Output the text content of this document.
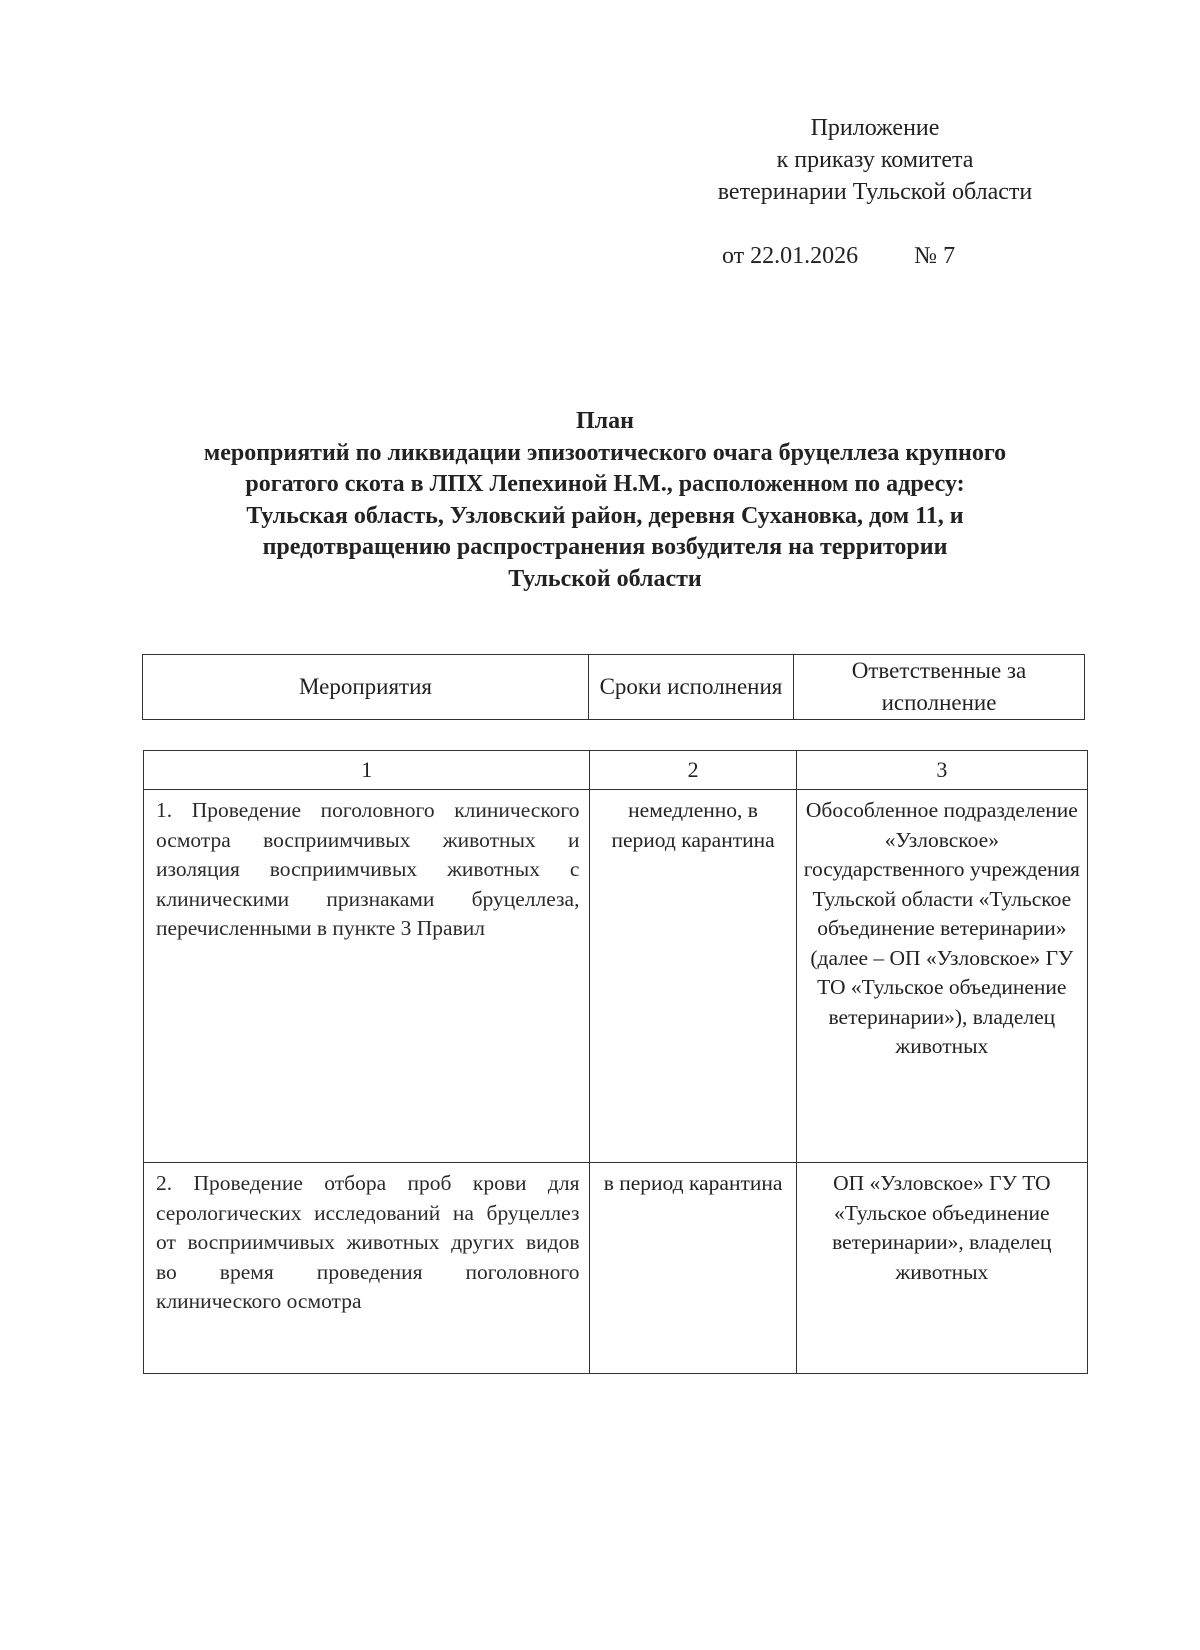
Приложение
к приказу комитета
ветеринарии Тульской области
от 22.01.2026 № 7
План
мероприятий по ликвидации эпизоотического очага бруцеллеза крупного
рогатого скота в ЛПХ Лепехиной Н.М., расположенном по адресу:
Тульская область, Узловский район, деревня Сухановка, дом 11, и
предотвращению распространения возбудителя на территории
Тульской области
Мероприятия	Сроки исполнения	Ответственные за исполнение
1	2	3
1. Проведение поголовного клинического осмотра восприимчивых животных и изоляция восприимчивых животных с клиническими признаками бруцеллеза, перечисленными в пункте 3 Правил	немедленно, в период карантина	Обособленное подразделение «Узловское» государственного учреждения Тульской области «Тульское объединение ветеринарии» (далее – ОП «Узловское» ГУ ТО «Тульское объединение ветеринарии»), владелец животных
2. Проведение отбора проб крови для серологических исследований на бруцеллез от восприимчивых животных других видов во время проведения поголовного клинического осмотра	в период карантина	ОП «Узловское» ГУ ТО «Тульское объединение ветеринарии», владелец животных
